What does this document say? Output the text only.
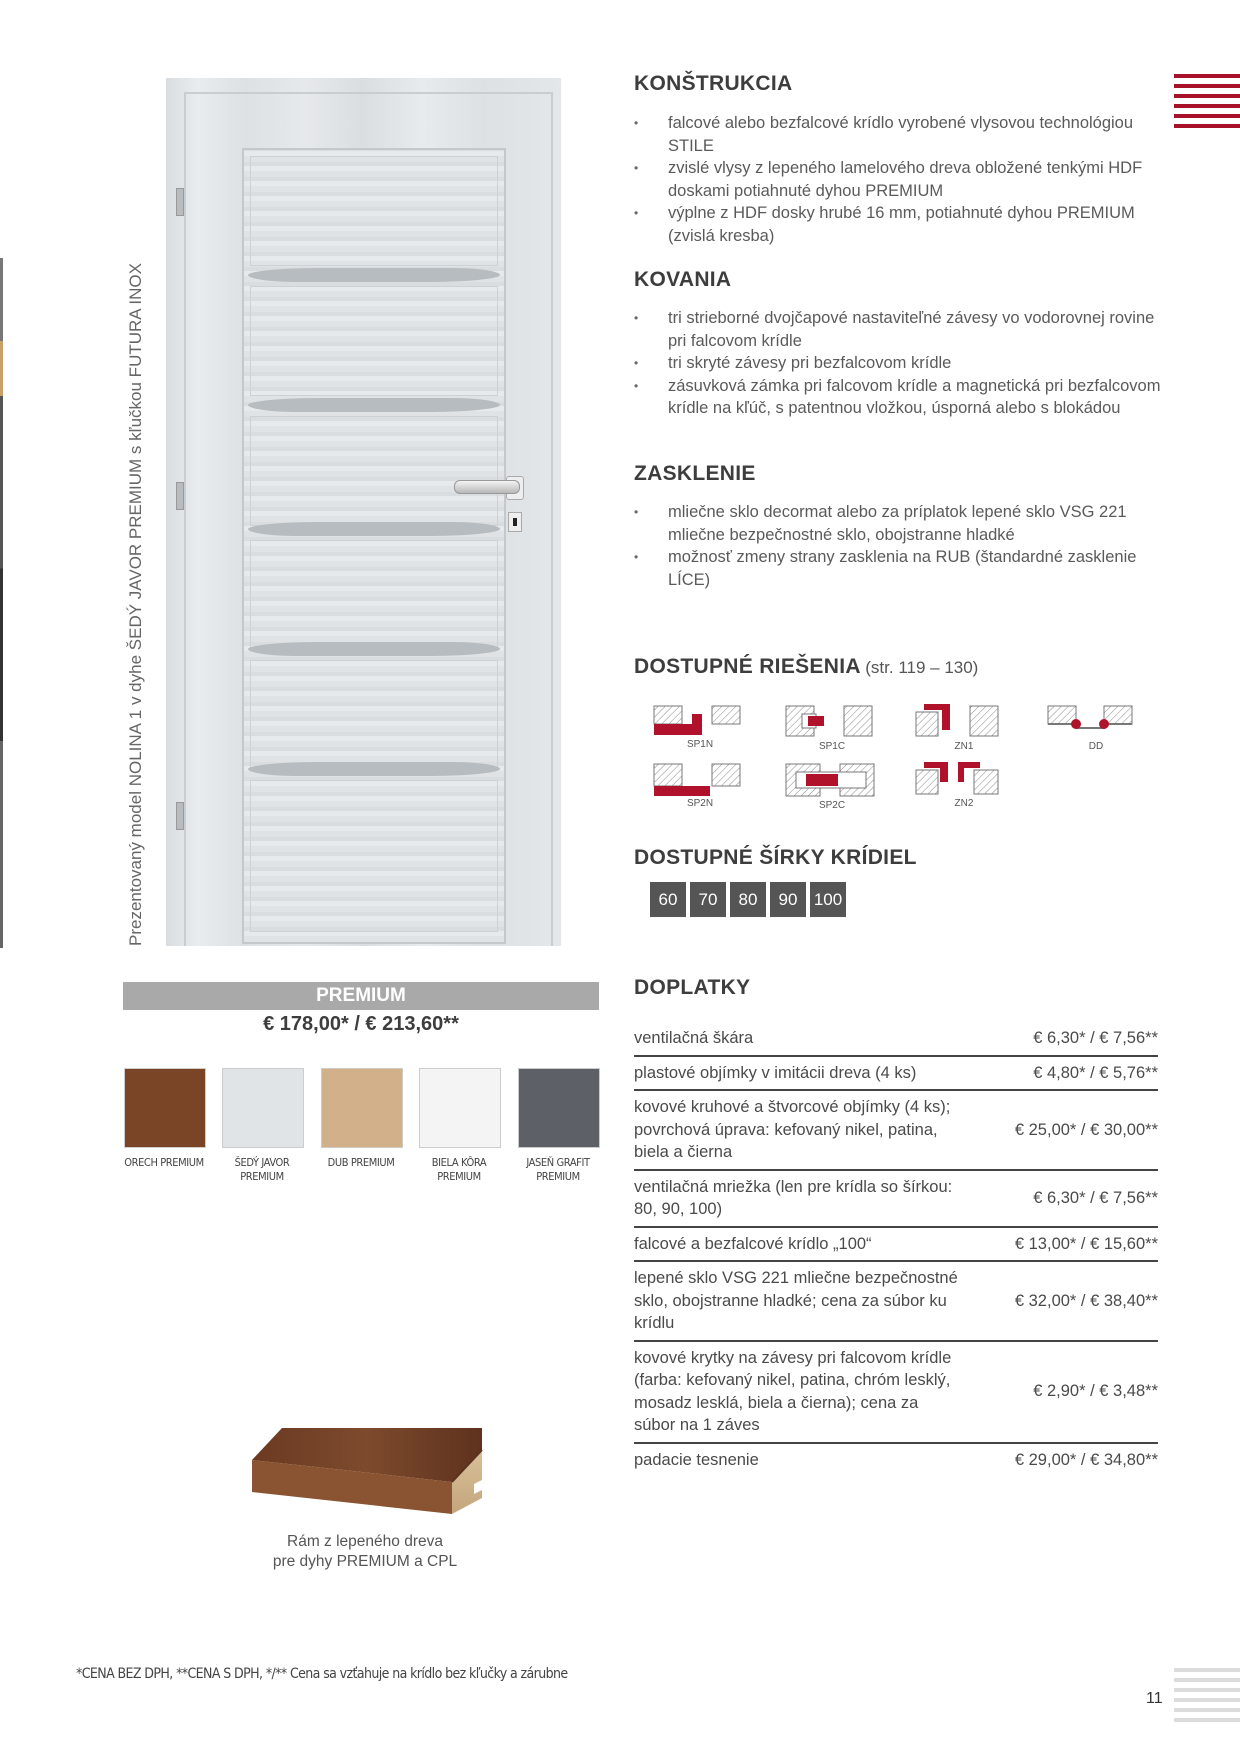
Prezentovaný model NOLINA 1 v dyhe ŠEDÝ JAVOR PREMIUM s kľučkou FUTURA INOX
KONŠTRUKCIA
• falcové alebo bezfalcové krídlo vyrobené vlysovou technológiou STILE
• zvislé vlysy z lepeného lamelového dreva obložené tenkými HDF doskami potiahnuté dyhou PREMIUM
• výplne z HDF dosky hrubé 16 mm, potiahnuté dyhou PREMIUM (zvislá kresba)
KOVANIA
• tri strieborné dvojčapové nastaviteľné závesy vo vodorovnej rovine pri falcovom krídle
• tri skryté závesy pri bezfalcovom krídle
• zásuvková zámka pri falcovom krídle a magnetická pri bezfalcovom krídle na kľúč, s patentnou vložkou, úsporná alebo s blokádou
ZASKLENIE
• mliečne sklo decormat alebo za príplatok lepené sklo VSG 221 mliečne bezpečnostné sklo, obojstranne hladké
• možnosť zmeny strany zasklenia na RUB (štandardné zasklenie LÍCE)
DOSTUPNÉ RIEŠENIA (str. 119 – 130)
SP1N	SP1C	ZN1	DD
SP2N	SP2C	ZN2
DOSTUPNÉ ŠÍRKY KRÍDIEL
60 70 80 90 100
PREMIUM
€ 178,00* / € 213,60**
ORECH PREMIUM	ŠEDÝ JAVOR PREMIUM
DUB PREMIUM	BIELA KÔRA PREMIUM
JASEŇ GRAFIT PREMIUM
DOPLATKY
ventilačná škára	€ 6,30* / € 7,56**
plastové objímky v imitácii dreva (4 ks)	€ 4,80* / € 5,76**
kovové kruhové a štvorcové objímky (4 ks); povrchová úprava: kefovaný nikel, patina, biela a čierna
€ 25,00* / € 30,00**
ventilačná mriežka (len pre krídla so šírkou: 80, 90, 100)
€ 6,30* / € 7,56**
falcové a bezfalcové krídlo „100“	€ 13,00* / € 15,60**
lepené sklo VSG 221 mliečne bezpečnostné sklo, obojstranne hladké; cena za súbor ku krídlu
€ 32,00* / € 38,40**
kovové krytky na závesy pri falcovom krídle (farba: kefovaný nikel, patina, chróm lesklý, mosadz lesklá, biela a čierna); cena za súbor na 1 záves
€ 2,90* / € 3,48**
padacie tesnenie	€ 29,00* / € 34,80**
Rám z lepeného dreva
pre dyhy PREMIUM a CPL
*CENA BEZ DPH, **CENA S DPH, */** Cena sa vzťahuje na krídlo bez kľučky a zárubne
11
